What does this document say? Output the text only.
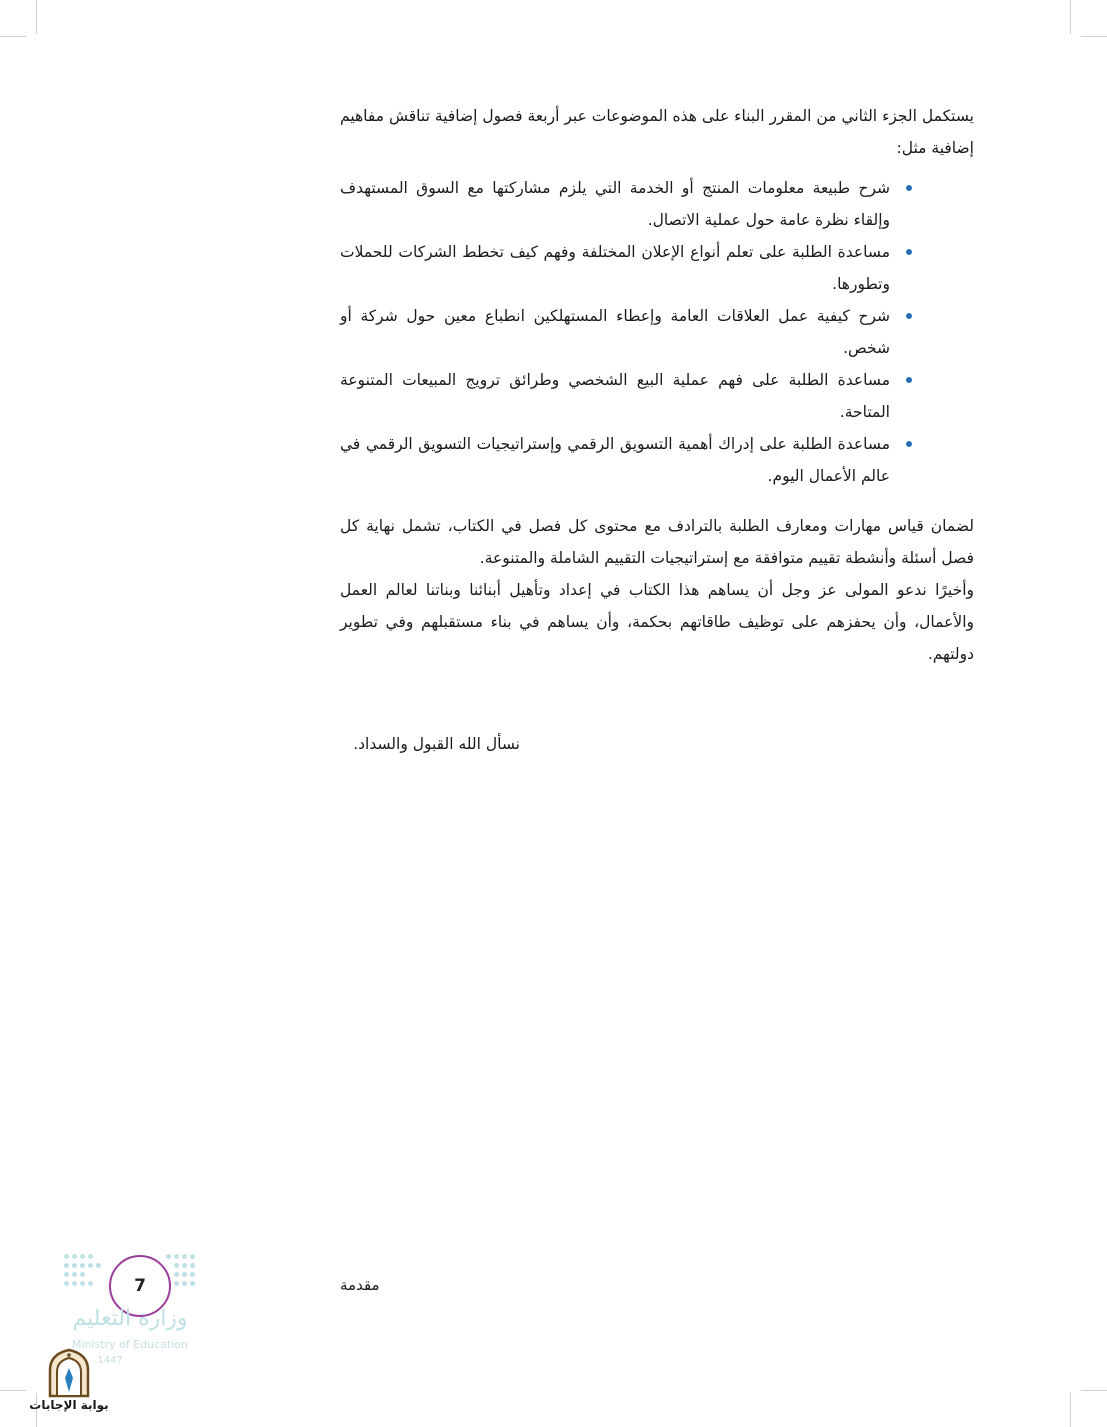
يستكمل الجزء الثاني من المقرر البناء على هذه الموضوعات عبر أربعة فصول إضافية تناقش مفاهيم إضافية مثل:

شرح طبيعة معلومات المنتج أو الخدمة التي يلزم مشاركتها مع السوق المستهدف وإلقاء نظرة عامة حول عملية الاتصال.
مساعدة الطلبة على تعلم أنواع الإعلان المختلفة وفهم كيف تخطط الشركات للحملات وتطورها.
شرح كيفية عمل العلاقات العامة وإعطاء المستهلكين انطباع معين حول شركة أو شخص.
مساعدة الطلبة على فهم عملية البيع الشخصي وطرائق ترويج المبيعات المتنوعة المتاحة.
مساعدة الطلبة على إدراك أهمية التسويق الرقمي وإستراتيجيات التسويق الرقمي في عالم الأعمال اليوم.

لضمان قياس مهارات ومعارف الطلبة بالترادف مع محتوى كل فصل في الكتاب، تشمل نهاية كل فصل أسئلة وأنشطة تقييم متوافقة مع إستراتيجيات التقييم الشاملة والمتنوعة.

وأخيرًا ندعو المولى عز وجل أن يساهم هذا الكتاب في إعداد وتأهيل أبنائنا وبناتنا لعالم العمل والأعمال، وأن يحفزهم على توظيف طاقاتهم بحكمة، وأن يساهم في بناء مستقبلهم وفي تطوير دولتهم.

نسأل الله القبول والسداد.
مقدمة
7
وزارة التعليم
Ministry of Education
1447
بوابة الإجابات
